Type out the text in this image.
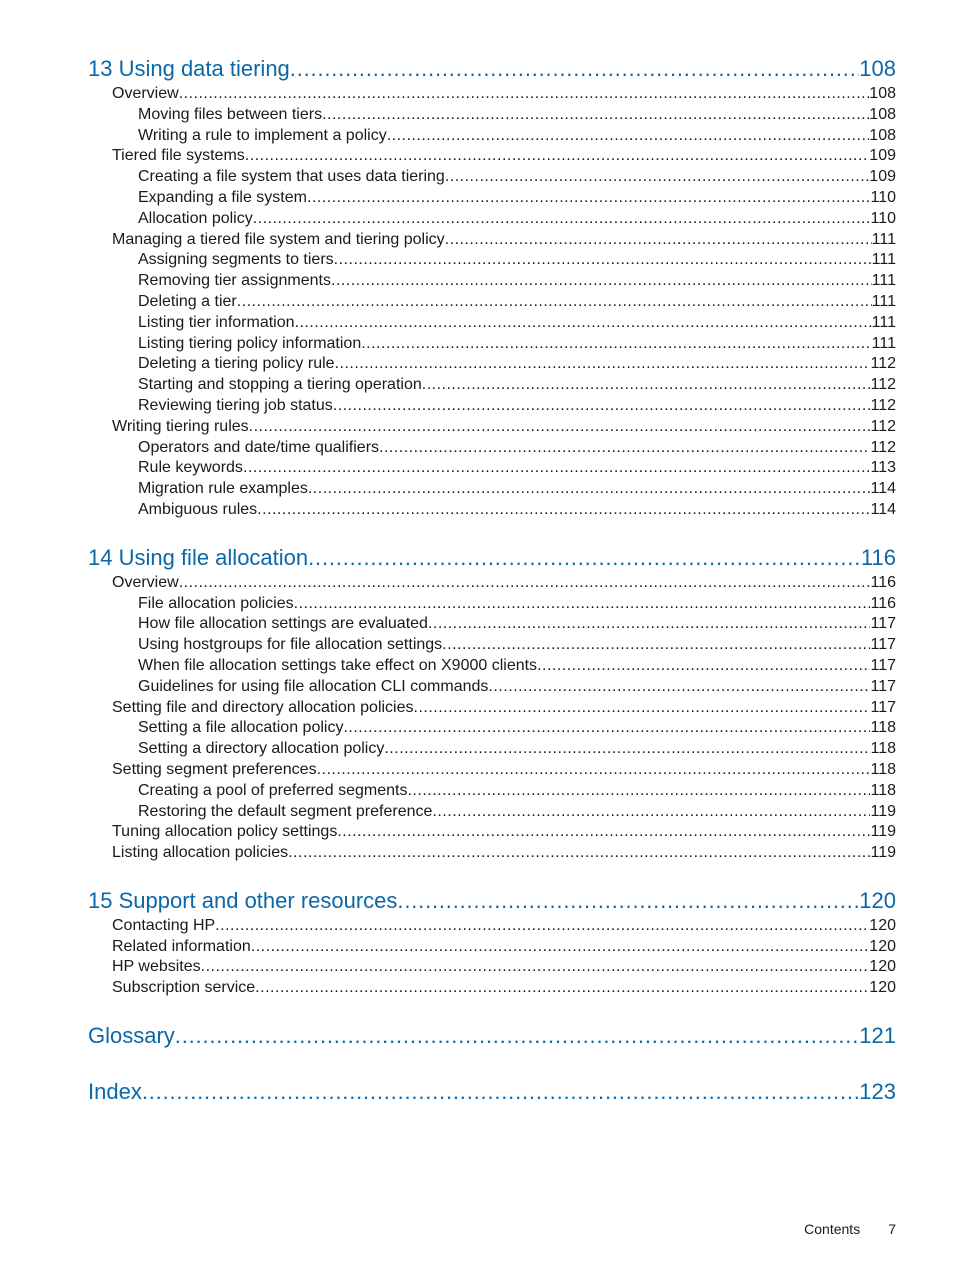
13 Using data tiering .....	108
Overview .....	108
Moving files between tiers .....	108
Writing a rule to implement a policy .....	108
Tiered file systems .....	109
Creating a file system that uses data tiering .....	109
Expanding a file system .....	110
Allocation policy .....	110
Managing a tiered file system and tiering policy .....	111
Assigning segments to tiers .....	111
Removing tier assignments .....	111
Deleting a tier .....	111
Listing tier information .....	111
Listing tiering policy information .....	111
Deleting a tiering policy rule .....	112
Starting and stopping a tiering operation .....	112
Reviewing tiering job status .....	112
Writing tiering rules .....	112
Operators and date/time qualifiers .....	112
Rule keywords .....	113
Migration rule examples .....	114
Ambiguous rules .....	114
14 Using file allocation .....	116
Overview .....	116
File allocation policies .....	116
How file allocation settings are evaluated .....	117
Using hostgroups for file allocation settings .....	117
When file allocation settings take effect on X9000 clients .....	117
Guidelines for using file allocation CLI commands .....	117
Setting file and directory allocation policies .....	117
Setting a file allocation policy .....	118
Setting a directory allocation policy .....	118
Setting segment preferences .....	118
Creating a pool of preferred segments .....	118
Restoring the default segment preference .....	119
Tuning allocation policy settings .....	119
Listing allocation policies .....	119
15 Support and other resources .....	120
Contacting HP .....	120
Related information .....	120
HP websites .....	120
Subscription service .....	120
Glossary .....	121
Index .....	123
Contents 7
